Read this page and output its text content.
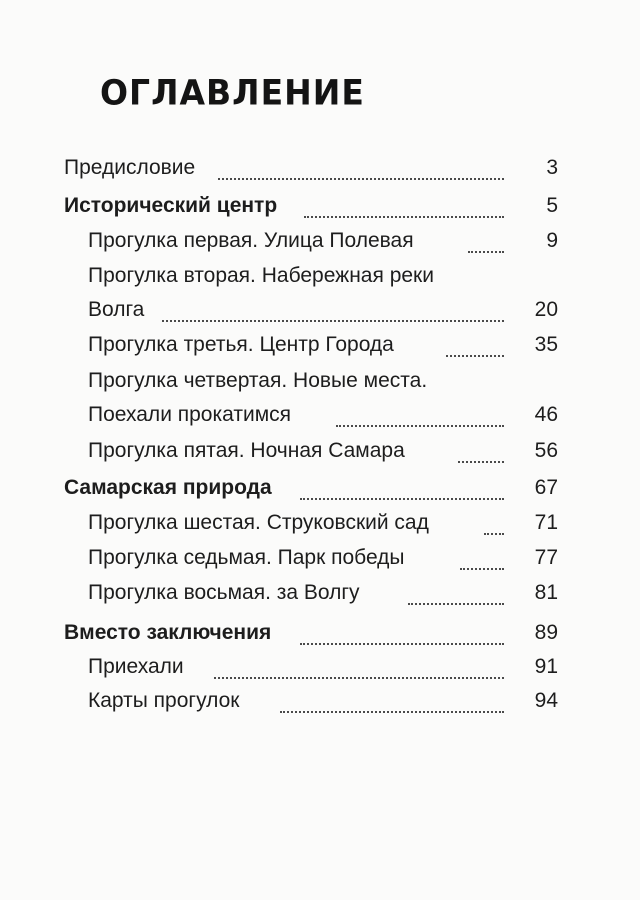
ОГЛАВЛЕНИЕ
Предисловие	3
Исторический центр	5
Прогулка первая. Улица Полевая	9
Прогулка вторая. Набережная реки
Волга	20
Прогулка третья. Центр Города	35
Прогулка четвертая. Новые места.
Поехали прокатимся	46
Прогулка пятая. Ночная Самара	56
Самарская природа	67
Прогулка шестая. Струковский сад	71
Прогулка седьмая. Парк победы	77
Прогулка восьмая. за Волгу	81
Вместо заключения	89
Приехали	91
Карты прогулок	94
